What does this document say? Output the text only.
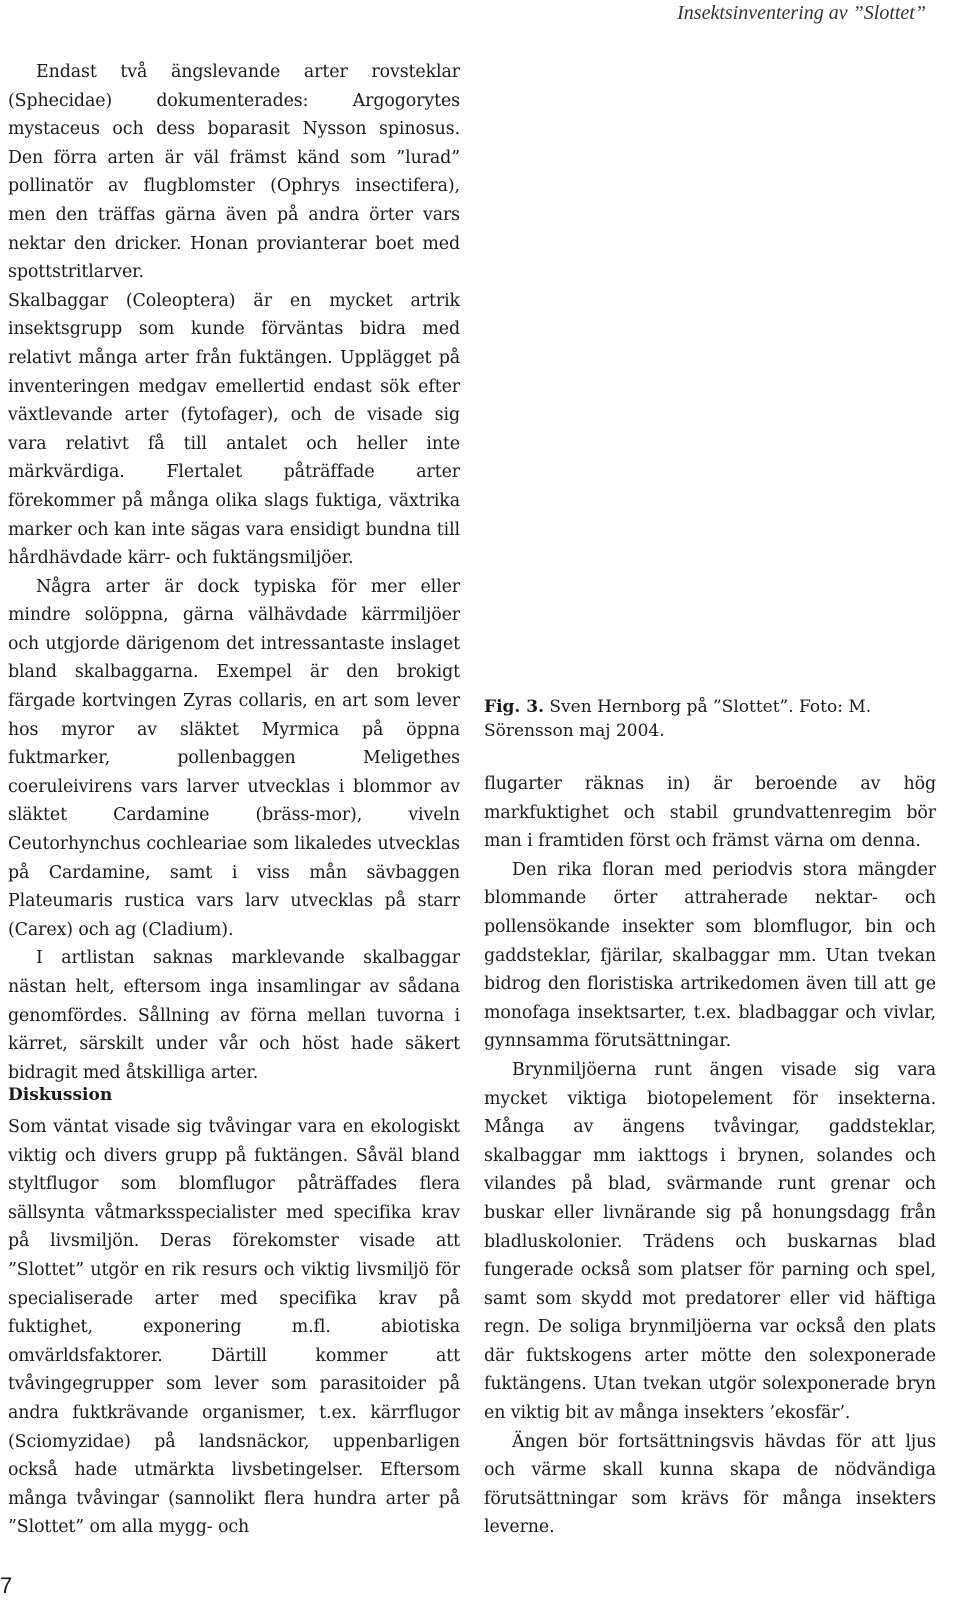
Insektsinventering av ”Slottet”

Endast två ängslevande arter rovsteklar (Sphecidae) dokumenterades: Argogorytes mystaceus och dess boparasit Nysson spinosus. Den förra arten är väl främst känd som ”lurad” pollinatör av flugblomster (Ophrys insectifera), men den träffas gärna även på andra örter vars nektar den dricker. Honan provianterar boet med spottstritlarver.

Skalbaggar (Coleoptera) är en mycket artrik insektsgrupp som kunde förväntas bidra med relativt många arter från fuktängen. Upplägget på inventeringen medgav emellertid endast sök efter växtlevande arter (fytofager), och de visade sig vara relativt få till antalet och heller inte märkvärdiga. Flertalet påträffade arter förekommer på många olika slags fuktiga, växtrika marker och kan inte sägas vara ensidigt bundna till hårdhävdade kärr- och fuktängsmiljöer.

Några arter är dock typiska för mer eller mindre solöppna, gärna välhävdade kärrmiljöer och utgjorde därigenom det intressantaste inslaget bland skalbaggarna. Exempel är den brokigt färgade kortvingen Zyras collaris, en art som lever hos myror av släktet Myrmica på öppna fuktmarker, pollenbaggen Meligethes coeruleivirens vars larver utvecklas i blommor av släktet Cardamine (bräss-mor), viveln Ceutorhynchus cochleariae som likaledes utvecklas på Cardamine, samt i viss mån sävbaggen Plateumaris rustica vars larv utvecklas på starr (Carex) och ag (Cladium).

I artlistan saknas marklevande skalbaggar nästan helt, eftersom inga insamlingar av sådana genomfördes. Sållning av förna mellan tuvorna i kärret, särskilt under vår och höst hade säkert bidragit med åtskilliga arter.

Diskussion

Som väntat visade sig tvåvingar vara en ekologiskt viktig och divers grupp på fuktängen. Såväl bland styltflugor som blomflugor påträffades flera sällsynta våtmarksspecialister med specifika krav på livsmiljön. Deras förekomster visade att ”Slottet” utgör en rik resurs och viktig livsmiljö för specialiserade arter med specifika krav på fuktighet, exponering m.fl. abiotiska omvärldsfaktorer. Därtill kommer att tvåvingegrupper som lever som parasitoider på andra fuktkrävande organismer, t.ex. kärrflugor (Sciomyzidae) på landsnäckor, uppenbarligen också hade utmärkta livsbetingelser. Eftersom många tvåvingar (sannolikt flera hundra arter på ”Slottet” om alla mygg- och

Fig. 3. Sven Hernborg på ”Slottet”. Foto: M. Sörensson maj 2004.

flugarter räknas in) är beroende av hög markfuktighet och stabil grundvattenregim bör man i framtiden först och främst värna om denna.

Den rika floran med periodvis stora mängder blommande örter attraherade nektar- och pollensökande insekter som blomflugor, bin och gaddsteklar, fjärilar, skalbaggar mm. Utan tvekan bidrog den floristiska artrikedomen även till att ge monofaga insektsarter, t.ex. bladbaggar och vivlar, gynnsamma förutsättningar.

Brynmiljöerna runt ängen visade sig vara mycket viktiga biotopelement för insekterna. Många av ängens tvåvingar, gaddsteklar, skalbaggar mm iakttogs i brynen, solandes och vilandes på blad, svärmande runt grenar och buskar eller livnärande sig på honungsdagg från bladluskolonier. Trädens och buskarnas blad fungerade också som platser för parning och spel, samt som skydd mot predatorer eller vid häftiga regn. De soliga brynmiljöerna var också den plats där fuktskogens arter mötte den solexponerade fuktängens. Utan tvekan utgör solexponerade bryn en viktig bit av många insekters ’ekosfär’.

Ängen bör fortsättningsvis hävdas för att ljus och värme skall kunna skapa de nödvändiga förutsättningar som krävs för många insekters leverne.

7
